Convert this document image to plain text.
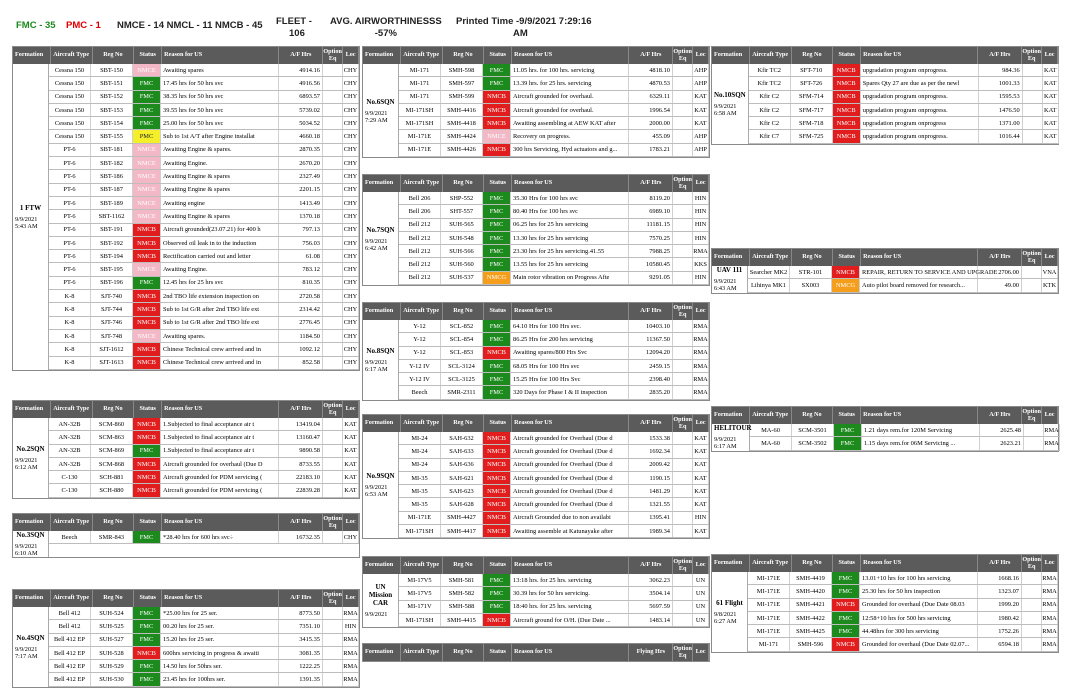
FMC - 35 PMC - 1 NMCE - 14 NMCL - 11 NMCB - 45 FLEET -
106
AVG. AIRWORTHINESSS
-57%
Printed Time -9/9/2021 7:29:16
AM
Formation	Aircraft Type	Reg No	Status	Reason for US	A/F Hrs	Option Eq	Loc
1 FTW
9/9/2021 5:43 AM
Cessna 150	SBT-150	NMCE	Awaiting spares	4914.16	CHY
Cessna 150	SBT-151	FMC	17.45 hrs for 50 hrs svc	4916.56	CHY
Cessna 150	SBT-152	FMC	38.35 hrs for 50 hrs svc	6893.57	CHY
Cessna 150	SBT-153	FMC	39.55 hrs for 50 hrs svc	5739.02	CHY
Cessna 150	SBT-154	FMC	25.00 hrs for 50 hrs svc	5034.52	CHY
Cessna 150	SBT-155	PMC	Sub to 1st A/T after Engine installat	4660.18	CHY
PT-6	SBT-181	NMCE	Awaiting Engine & spares.	2870.35	CHY
PT-6	SBT-182	NMCE	Awaiting Engine.	2670.20	CHY
PT-6	SBT-186	NMCE	Awaiting Engine & spares	2327.49	CHY
PT-6	SBT-187	NMCE	Awaiting Engine & spares	2201.15	CHY
PT-6	SBT-189	NMCE	Awaiting engine	1413.49	CHY
PT-6	SBT-1162	NMCE	Awaiting Engine & spares	1370.18	CHY
PT-6	SBT-191	NMCB	Aircraft grounded(23.07.21) for 400 h	797.13	CHY
PT-6	SBT-192	NMCB	Observed oil leak in to the induction	756.03	CHY
PT-6	SBT-194	NMCB	Rectification carried out and letter	61.08	CHY
PT-6	SBT-195	NMCE	Awaiting Engine.	783.12	CHY
PT-6	SBT-196	FMC	12.45 hrs for 25 hrs svc	810.35	CHY
K-8	SJT-740	NMCB	2nd TBO life extension inspection on	2720.58	CHY
K-8	SJT-744	NMCB	Sub to 1st G/R after 2nd TBO life ext	2314.42	CHY
K-8	SJT-746	NMCB	Sub to 1st G/R after 2nd TBO life ext	2776.45	CHY
K-8	SJT-748	NMCE	Awaiting spares.	1184.50	CHY
K-8	SJT-1612	NMCB	Chinese Technical crew arrived and in	1092.12	CHY
K-8	SJT-1613	NMCB	Chinese Technical crew arrived and in	852.58	CHY
Formation	Aircraft Type	Reg No	Status	Reason for US	A/F Hrs	Option Eq	Loc
No.2SQN
9/9/2021 6:12 AM
AN-32B	SCM-860	NMCB	1.Subjected to final acceptance air t	13419.04	KAT
AN-32B	SCM-863	NMCB	1.Subjected to final acceptance air t	13160.47	KAT
AN-32B	SCM-869	FMC	1.Subjected to final acceptance air t	9890.58	KAT
AN-32B	SCM-868	NMCB	Aircraft grounded for overhaul (Due D	8733.55	KAT
C-130	SCH-881	NMCB	Aircraft grounded for PDM servicing (	22183.10	KAT
C-130	SCH-880	NMCB	Aircraft grounded for PDM servicing (	22839.28	KAT
Formation	Aircraft Type	Reg No	Status	Reason for US	A/F Hrs	Option Eq	Loc
No.3SQN
9/9/2021 6:10 AM
Beech	SMR-843	FMC	*28.40 hrs for 600 hrs svc÷	16732.35	CHY
Formation	Aircraft Type	Reg No	Status	Reason for US	A/F Hrs	Option Eq	Loc
No.4SQN
9/9/2021 7:17 AM
Bell 412	SUH-524	FMC	*25.00 hrs for 25 ser.	8773.50	RMA
Bell 412	SUH-525	FMC	00.20 hrs for 25 ser.	7351.10	HIN
Bell 412 EP	SUH-527	FMC	15.20 hrs for 25 ser.	3415.35	RMA
Bell 412 EP	SUH-528	NMCB	600hrs servicing in progress & awaiti	3081.35	RMA
Bell 412 EP	SUH-529	FMC	14.50 hrs for 50hrs ser.	1222.25	RMA
Bell 412 EP	SUH-530	FMC	23.45 hrs for 100hrs ser.	1391.35	RMA
Formation	Aircraft Type	Reg No	Status	Reason for US	A/F Hrs	Option Eq	Loc
No.6SQN
9/9/2021 7:29 AM
MI-171	SMH-598	FMC	11.05 hrs. for 100 hrs. servicing	4818.10	AHP
MI-171	SMH-597	FMC	13.39 hrs. for 25 hrs. servicing	4870.53	AHP
MI-171	SMH-599	NMCB	Aircraft grounded for overhaul.	6329.11	KAT
MI-171SH	SMH-4416	NMCB	Aircraft grounded for overhaul.	1996.54	KAT
MI-171SH	SMH-4418	NMCB	Awaiting assembling at AEW KAT after	2000.00	KAT
MI-171E	SMH-4424	NMCE	Recovery on progress.	455.09	AHP
MI-171E	SMH-4426	NMCB	300 hrs Servicing, Hyd actuators and g...	1783.21	AHP
Formation	Aircraft Type	Reg No	Status	Reason for US	A/F Hrs	Option Eq	Loc
No.7SQN
9/9/2021 6:42 AM
Bell 206	SHP-552	FMC	35.30 Hrs for 100 hrs svc	8119.20	HIN
Bell 206	SHT-557	FMC	80.40 Hrs for 100 hrs svc	6989.10	HIN
Bell 212	SUH-565	FMC	06.25 hrs for 25 hrs servicing	11181.15	HIN
Bell 212	SUH-548	FMC	13.30 hrs for 25 hrs servicing	7570.25	HIN
Bell 212	SUH-566	FMC	23.30 hrs for 25 hrs servicing.41.55	7988.25	RMA
Bell 212	SUH-560	FMC	13.55 hrs for 25 hrs servicing	10580.45	KKS
Bell 212	SUH-537	NMCG	Main rotor vibration on Progress Afte	9291.05	HIN
Formation	Aircraft Type	Reg No	Status	Reason for US	A/F Hrs	Option Eq	Loc
No.8SQN
9/9/2021 6:17 AM
Y-12	SCL-852	FMC	64.10 Hrs for 100 Hrs svc.	10403.10	RMA
Y-12	SCL-854	FMC	86.25 Hrs for 200 hrs servicing	11367.50	RMA
Y-12	SCL-853	NMCB	Awaiting spares/800 Hrs Svc	12094.20	RMA
Y-12 IV	SCL-3124	FMC	68.05 Hrs for 100 Hrs svc	2459.15	RMA
Y-12 IV	SCL-3125	FMC	15.25 Hrs for 100 Hrs Svc	2398.40	RMA
Beech	SMR-2311	FMC	320 Days for Phase I & II inspection	2835.20	RMA
Formation	Aircraft Type	Reg No	Status	Reason for US	A/F Hrs	Option Eq	Loc
No.9SQN
9/9/2021 6:53 AM
MI-24	SAH-632	NMCB	Aircraft grounded for Overhaul (Due d	1533.38	KAT
MI-24	SAH-633	NMCB	Aircraft grounded for Overhaul (Due d	1692.34	KAT
MI-24	SAH-636	NMCB	Aircraft grounded for Overhaul (Due d	2009.42	KAT
MI-35	SAH-621	NMCB	Aircraft grounded for Overhaul (Due d	1190.15	KAT
MI-35	SAH-623	NMCB	Aircraft grounded for Overhaul (Due d	1481.29	KAT
MI-35	SAH-628	NMCB	Aircraft grounded for Overhaul (Due d	1321.55	KAT
MI-171E	SMH-4427	NMCB	Aircraft Grounded due to non availabi	1395.41	HIN
MI-171SH	SMH-4417	NMCB	Awaiting assemble at Katunayake after	1989.34	KAT
Formation	Aircraft Type	Reg No	Status	Reason for US	A/F Hrs	Option Eq	Loc
UN Mission CAR
9/9/2021
MI-17V5	SMH-581	FMC	13:18 hrs. for 25 hrs. servicing	3062.23	UN
MI-17V5	SMH-582	FMC	30.39 hrs for 50 hrs servicing.	3504.14	UN
MI-171V	SMH-588	FMC	18:40 hrs. for 25 hrs. servicing	5697.59	UN
MI-171SH	SMH-4415	NMCB	Aircraft ground for O/H. (Due Date ...	1483.14	UN
Formation	Aircraft Type	Reg No	Status	Reason for US	A/F Hrs	Option Eq	Loc
No.10SQN
9/9/2021 6:58 AM
Kfir TC2	SFT-710	NMCB	upgradation program onprogress.	984.36	KAT
Kfir TC2	SFT-726	NMCB	Spares Qty 27 are due as per the newl	1001.33	KAT
Kfir C2	SFM-714	NMCB	upgradation program onprogress.	1595.53	KAT
Kfir C2	SFM-717	NMCB	upgradation program onprogress.	1476.50	KAT
Kfir C2	SFM-718	NMCB	upgradation program onprogress	1371.00	KAT
Kfir C7	SFM-725	NMCB	upgradation program onprogress.	1016.44	KAT
Formation	Aircraft Type	Reg No	Status	Reason for US	A/F Hrs	Option Eq	Loc
UAV 111
9/9/2021 6:43 AM
Searcher MK2	STR-101	NMCB	REPAIR, RETURN TO SERVICE AND UPGRADE 2706.00	VNA
Lihinya MK1	SX003	NMCG	Auto pilot board removed for research...	49.00	KTK
Formation	Aircraft Type	Reg No	Status	Reason for US	A/F Hrs	Option Eq	Loc
HELITOUR
9/9/2021 6:17 AM
MA-60	SCM-3501	FMC	1.21 days rem.for 120M Servicing	2625.48	RMA
MA-60	SCM-3502	FMC	1.15 days rem.for 06M Servicing ...	2623.21	RMA
Formation	Aircraft Type	Reg No	Status	Reason for US	A/F Hrs	Option Eq	Loc
61 Flight
9/8/2021 6:27 AM
MI-171E	SMH-4419	FMC	13.01+10 hrs for 100 hrs servicing	1668.16	RMA
MI-171E	SMH-4420	FMC	25.30 hrs for 50 hrs inspection	1323.07	RMA
MI-171E	SMH-4421	NMCB	Grounded for overhaul (Due Date 08.03	1999.20	RMA
MI-171E	SMH-4422	FMC	12:58+10 hrs for 500 hrs servicing	1980.42	RMA
MI-171E	SMH-4425	FMC	44.48hrs for 300 hrs servicing	1752.26	RMA
MI-171	SMH-596	NMCB	Grounded for overhaul (Due Date 02.07...	6594.18	RMA
Formation	Aircraft Type	Reg No	Status	Reason for US	Flying Hrs	Option Eq	Loc
